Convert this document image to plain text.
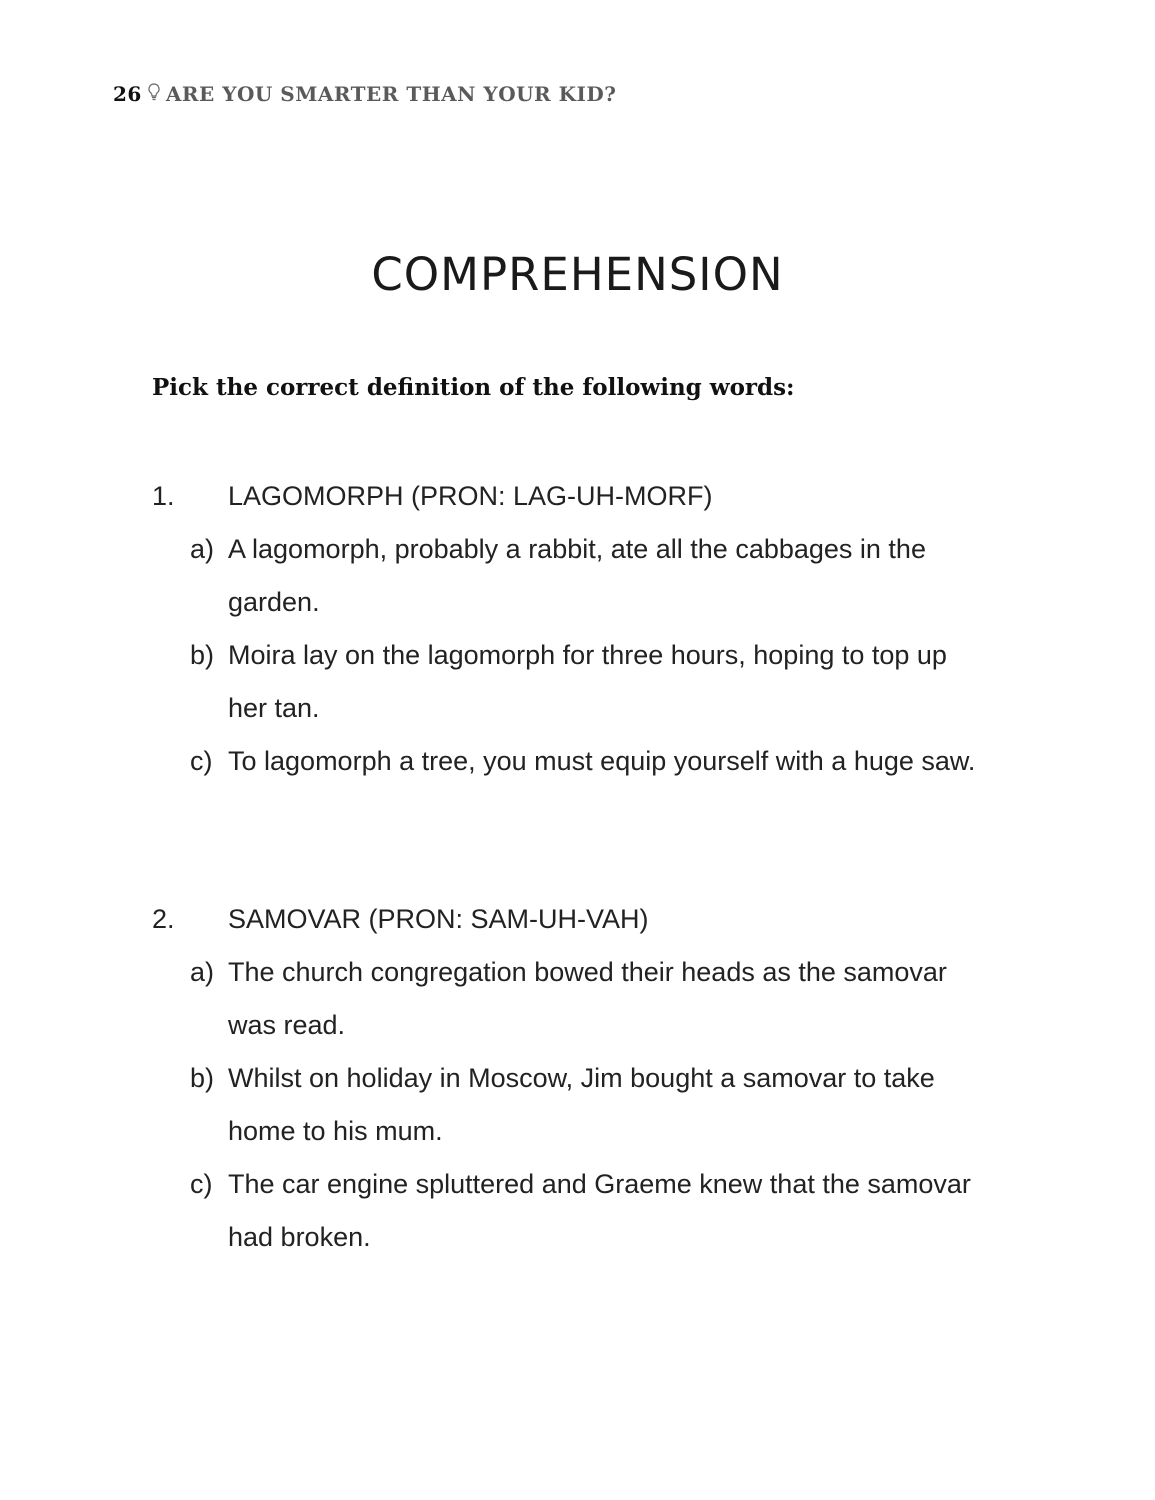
26 ARE YOU SMARTER THAN YOUR KID?
COMPREHENSION
Pick the correct definition of the following words:
1.	LAGOMORPH (PRON: LAG-UH-MORF)
a) A lagomorph, probably a rabbit, ate all the cabbages in the garden.
b) Moira lay on the lagomorph for three hours, hoping to top up her tan.
c) To lagomorph a tree, you must equip yourself with a huge saw.
2.	SAMOVAR (PRON: SAM-UH-VAH)
a) The church congregation bowed their heads as the samovar was read.
b) Whilst on holiday in Moscow, Jim bought a samovar to take home to his mum.
c) The car engine spluttered and Graeme knew that the samovar had broken.
